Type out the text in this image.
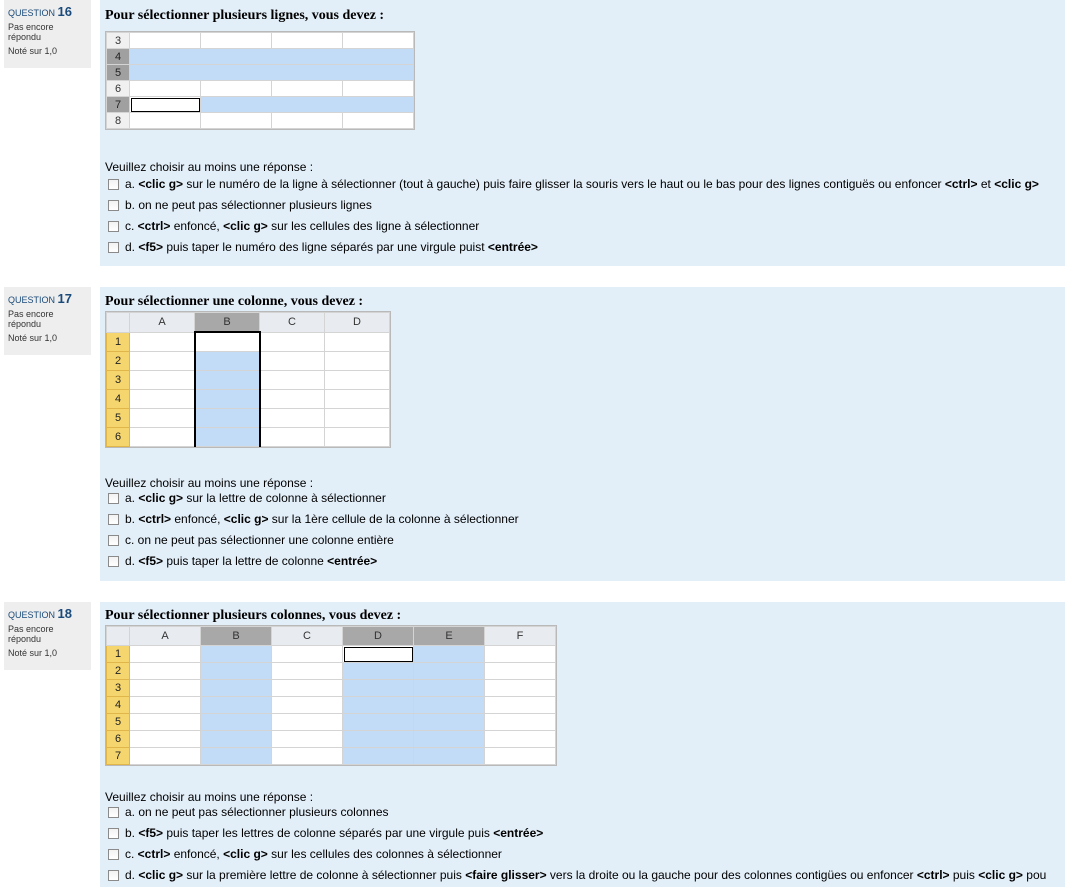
QUESTION 16
Pas encore répondu
Noté sur 1,0
Pour sélectionner plusieurs lignes, vous devez :
3				
4				
5				
6				
7				
8				
Veuillez choisir au moins une réponse :
a. <clic g> sur le numéro de la ligne à sélectionner (tout à gauche) puis faire glisser la souris vers le haut ou le bas pour des lignes contiguës ou enfoncer <ctrl> et <clic g>
b. on ne peut pas sélectionner plusieurs lignes
c. <ctrl> enfoncé, <clic g> sur les cellules des ligne à sélectionner
d. <f5> puis taper le numéro des ligne séparés par une virgule puist <entrée>
QUESTION 17
Pas encore répondu
Noté sur 1,0
Pour sélectionner une colonne, vous devez :
	A	B	C	D
1				
2				
3				
4				
5				
6				
Veuillez choisir au moins une réponse :
a. <clic g> sur la lettre de colonne à sélectionner
b. <ctrl> enfoncé, <clic g> sur la 1ère cellule de la colonne à sélectionner
c. on ne peut pas sélectionner une colonne entière
d. <f5> puis taper la lettre de colonne <entrée>
QUESTION 18
Pas encore répondu
Noté sur 1,0
Pour sélectionner plusieurs colonnes, vous devez :
	A	B	C	D	E	F
1						
2						
3						
4						
5						
6						
7						
Veuillez choisir au moins une réponse :
a. on ne peut pas sélectionner plusieurs colonnes
b. <f5> puis taper les lettres de colonne séparés par une virgule puis <entrée>
c. <ctrl> enfoncé, <clic g> sur les cellules des colonnes à sélectionner
d. <clic g> sur la première lettre de colonne à sélectionner puis <faire glisser> vers la droite ou la gauche pour des colonnes contigües ou enfoncer <ctrl> puis <clic g> pou
